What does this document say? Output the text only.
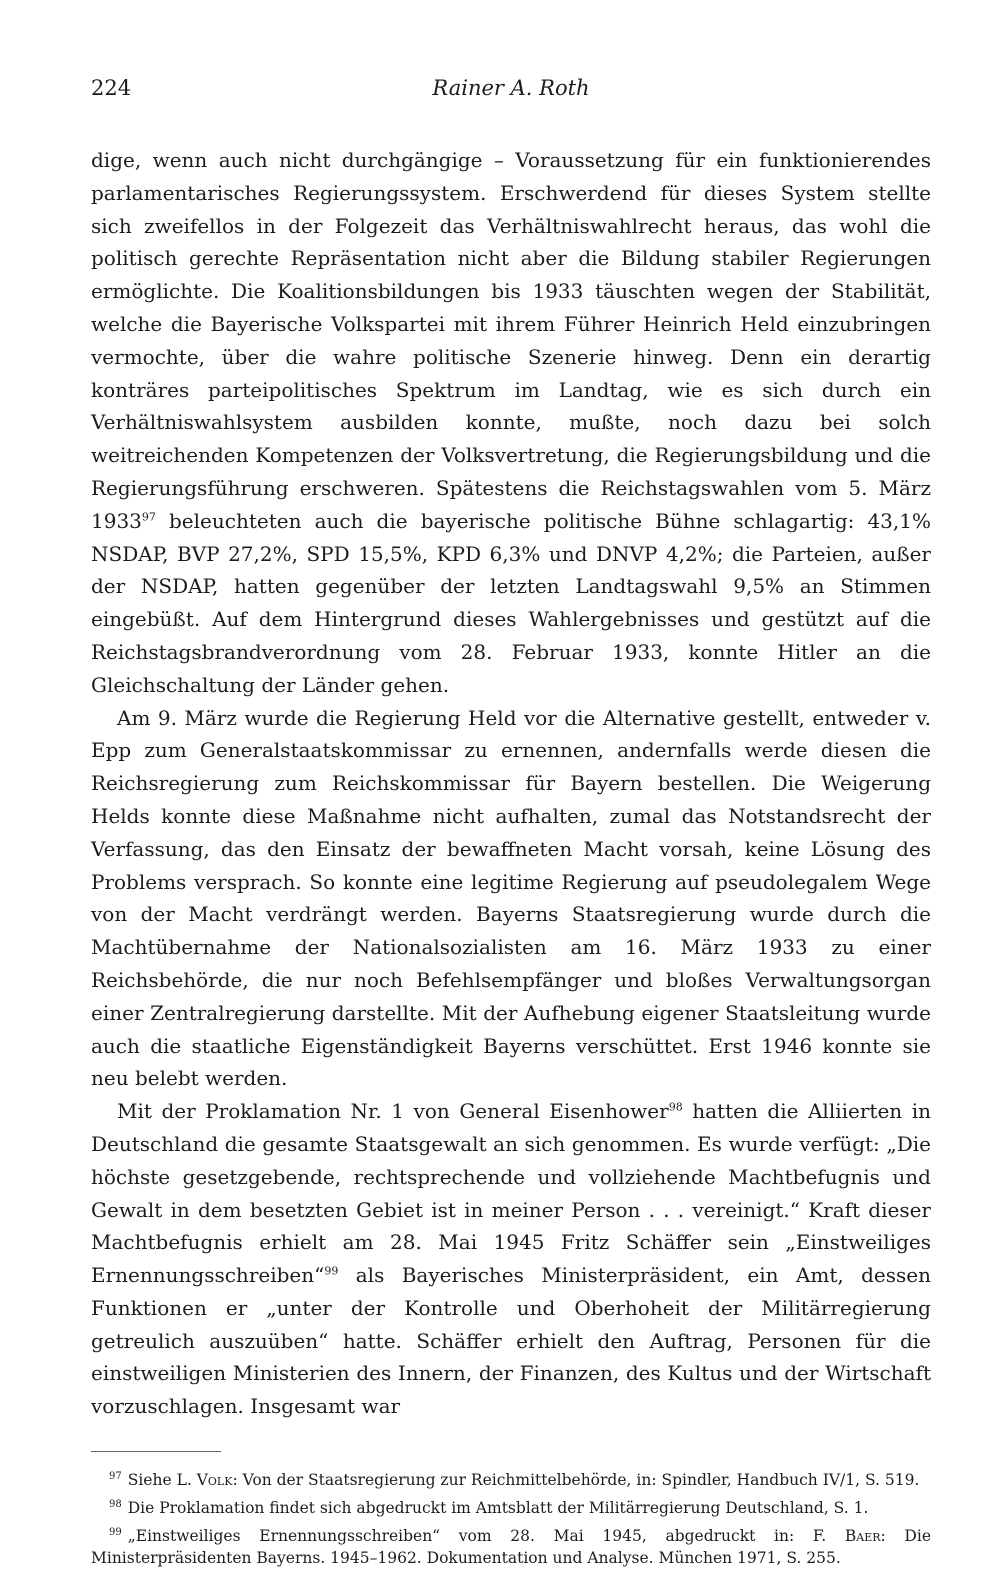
224	Rainer A. Roth

dige, wenn auch nicht durchgängige – Voraussetzung für ein funktionierendes parlamentarisches Regierungssystem. Erschwerdend für dieses System stellte sich zweifellos in der Folgezeit das Verhältniswahlrecht heraus, das wohl die politisch gerechte Repräsentation nicht aber die Bildung stabiler Regierungen ermöglichte. Die Koalitionsbildungen bis 1933 täuschten wegen der Stabilität, welche die Bayerische Volkspartei mit ihrem Führer Heinrich Held einzubringen vermochte, über die wahre politische Szenerie hinweg. Denn ein derartig konträres parteipolitisches Spektrum im Landtag, wie es sich durch ein Verhältniswahlsystem ausbilden konnte, mußte, noch dazu bei solch weitreichenden Kompetenzen der Volksvertretung, die Regierungsbildung und die Regierungsführung erschweren. Spätestens die Reichstagswahlen vom 5. März 1933$^{97}$ beleuchteten auch die bayerische politische Bühne schlagartig: 43,1% NSDAP, BVP 27,2%, SPD 15,5%, KPD 6,3% und DNVP 4,2%; die Parteien, außer der NSDAP, hatten gegenüber der letzten Landtagswahl 9,5% an Stimmen eingebüßt. Auf dem Hintergrund dieses Wahlergebnisses und gestützt auf die Reichstagsbrandverordnung vom 28. Februar 1933, konnte Hitler an die Gleichschaltung der Länder gehen.

Am 9. März wurde die Regierung Held vor die Alternative gestellt, entweder v. Epp zum Generalstaatskommissar zu ernennen, andernfalls werde diesen die Reichsregierung zum Reichskommissar für Bayern bestellen. Die Weigerung Helds konnte diese Maßnahme nicht aufhalten, zumal das Notstandsrecht der Verfassung, das den Einsatz der bewaffneten Macht vorsah, keine Lösung des Problems versprach. So konnte eine legitime Regierung auf pseudolegalem Wege von der Macht verdrängt werden. Bayerns Staatsregierung wurde durch die Machtübernahme der Nationalsozialisten am 16. März 1933 zu einer Reichsbehörde, die nur noch Befehlsempfänger und bloßes Verwaltungsorgan einer Zentralregierung darstellte. Mit der Aufhebung eigener Staatsleitung wurde auch die staatliche Eigenständigkeit Bayerns verschüttet. Erst 1946 konnte sie neu belebt werden.

Mit der Proklamation Nr. 1 von General Eisenhower$^{98}$ hatten die Alliierten in Deutschland die gesamte Staatsgewalt an sich genommen. Es wurde verfügt: „Die höchste gesetzgebende, rechtsprechende und vollziehende Machtbefugnis und Gewalt in dem besetzten Gebiet ist in meiner Person . . . vereinigt.“ Kraft dieser Machtbefugnis erhielt am 28. Mai 1945 Fritz Schäffer sein „Einstweiliges Ernennungsschreiben“$^{99}$ als Bayerisches Ministerpräsident, ein Amt, dessen Funktionen er „unter der Kontrolle und Oberhoheit der Militärregierung getreulich auszuüben“ hatte. Schäffer erhielt den Auftrag, Personen für die einstweiligen Ministerien des Innern, der Finanzen, des Kultus und der Wirtschaft vorzuschlagen. Insgesamt war

$^{97}$ Siehe L. Volk: Von der Staatsregierung zur Reichmittelbehörde, in: Spindler, Handbuch IV/1, S. 519.

$^{98}$ Die Proklamation findet sich abgedruckt im Amtsblatt der Militärregierung Deutschland, S. 1.

$^{99}$ „Einstweiliges Ernennungsschreiben“ vom 28. Mai 1945, abgedruckt in: F. Baer: Die Ministerpräsidenten Bayerns. 1945–1962. Dokumentation und Analyse. München 1971, S. 255.
